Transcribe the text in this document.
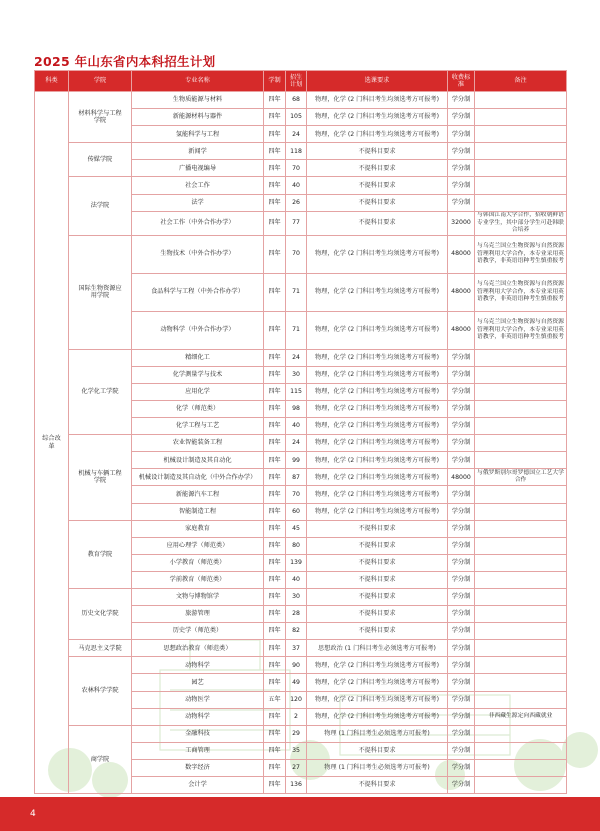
2025 年山东省内本科招生计划
科类	学院	专业名称	学制	招生计划	选课要求	收费标准	备注
综合改革	材料科学与工程学院	生物质能源与材料	四年	68	物理，化学 (2 门科目考生均须选考方可报考)	学分制	
		新能源材料与器件	四年	105	物理，化学 (2 门科目考生均须选考方可报考)	学分制	
		氢能科学与工程	四年	24	物理，化学 (2 门科目考生均须选考方可报考)	学分制	
	传媒学院	新闻学	四年	118	不提科目要求	学分制	
		广播电视编导	四年	70	不提科目要求	学分制	
	法学院	社会工作	四年	40	不提科目要求	学分制	
		法学	四年	26	不提科目要求	学分制	
		社会工作（中外合作办学）	四年	77	不提科目要求	32000	与韩国江南大学合作，招收朝鲜语专业学生，其中部分学生可赴韩联合培养
	国际生物资源应用学院	生物技术（中外合作办学）	四年	70	物理，化学 (2 门科目考生均须选考方可报考)	48000	与乌克兰国立生物资源与自然资源管理利用大学合作，本专业采用英语教学，非英语语种考生慎重报考
		食品科学与工程（中外合作办学）	四年	71	物理，化学 (2 门科目考生均须选考方可报考)	48000	与乌克兰国立生物资源与自然资源管理利用大学合作，本专业采用英语教学，非英语语种考生慎重报考
		动物科学（中外合作办学）	四年	71	物理，化学 (2 门科目考生均须选考方可报考)	48000	与乌克兰国立生物资源与自然资源管理利用大学合作，本专业采用英语教学，非英语语种考生慎重报考
	化学化工学院	精细化工	四年	24	物理，化学 (2 门科目考生均须选考方可报考)	学分制	
		化学测量学与技术	四年	30	物理，化学 (2 门科目考生均须选考方可报考)	学分制	
		应用化学	四年	115	物理，化学 (2 门科目考生均须选考方可报考)	学分制	
		化学（师范类）	四年	98	物理，化学 (2 门科目考生均须选考方可报考)	学分制	
		化学工程与工艺	四年	40	物理，化学 (2 门科目考生均须选考方可报考)	学分制	
	机械与车辆工程学院	农业智能装备工程	四年	24	物理，化学 (2 门科目考生均须选考方可报考)	学分制	
		机械设计制造及其自动化	四年	99	物理，化学 (2 门科目考生均须选考方可报考)	学分制	
		机械设计制造及其自动化（中外合作办学）	四年	87	物理，化学 (2 门科目考生均须选考方可报考)	48000	与俄罗斯别尔哥罗德国立工艺大学合作
		新能源汽车工程	四年	70	物理，化学 (2 门科目考生均须选考方可报考)	学分制	
		智能制造工程	四年	60	物理，化学 (2 门科目考生均须选考方可报考)	学分制	
	教育学院	家庭教育	四年	45	不提科目要求	学分制	
		应用心理学（师范类）	四年	80	不提科目要求	学分制	
		小学教育（师范类）	四年	139	不提科目要求	学分制	
		学前教育（师范类）	四年	40	不提科目要求	学分制	
	历史文化学院	文物与博物馆学	四年	30	不提科目要求	学分制	
		旅游管理	四年	28	不提科目要求	学分制	
		历史学（师范类）	四年	82	不提科目要求	学分制	
	马克思主义学院	思想政治教育（师范类）	四年	37	思想政治 (1 门科目考生必须选考方可报考)	学分制	
	农林科学学院	动物科学	四年	90	物理，化学 (2 门科目考生均须选考方可报考)	学分制	
		园艺	四年	49	物理，化学 (2 门科目考生均须选考方可报考)	学分制	
		动物医学	五年	120	物理，化学 (2 门科目考生均须选考方可报考)	学分制	
		动物科学	四年	2	物理，化学 (2 门科目考生均须选考方可报考)	学分制	非西藏生源定向西藏就业
	商学院	金融科技	四年	29	物理 (1 门科目考生必须选考方可报考)	学分制	
		工商管理	四年	35	不提科目要求	学分制	
		数字经济	四年	27	物理 (1 门科目考生必须选考方可报考)	学分制	
		会计学	四年	136	不提科目要求	学分制	
4
